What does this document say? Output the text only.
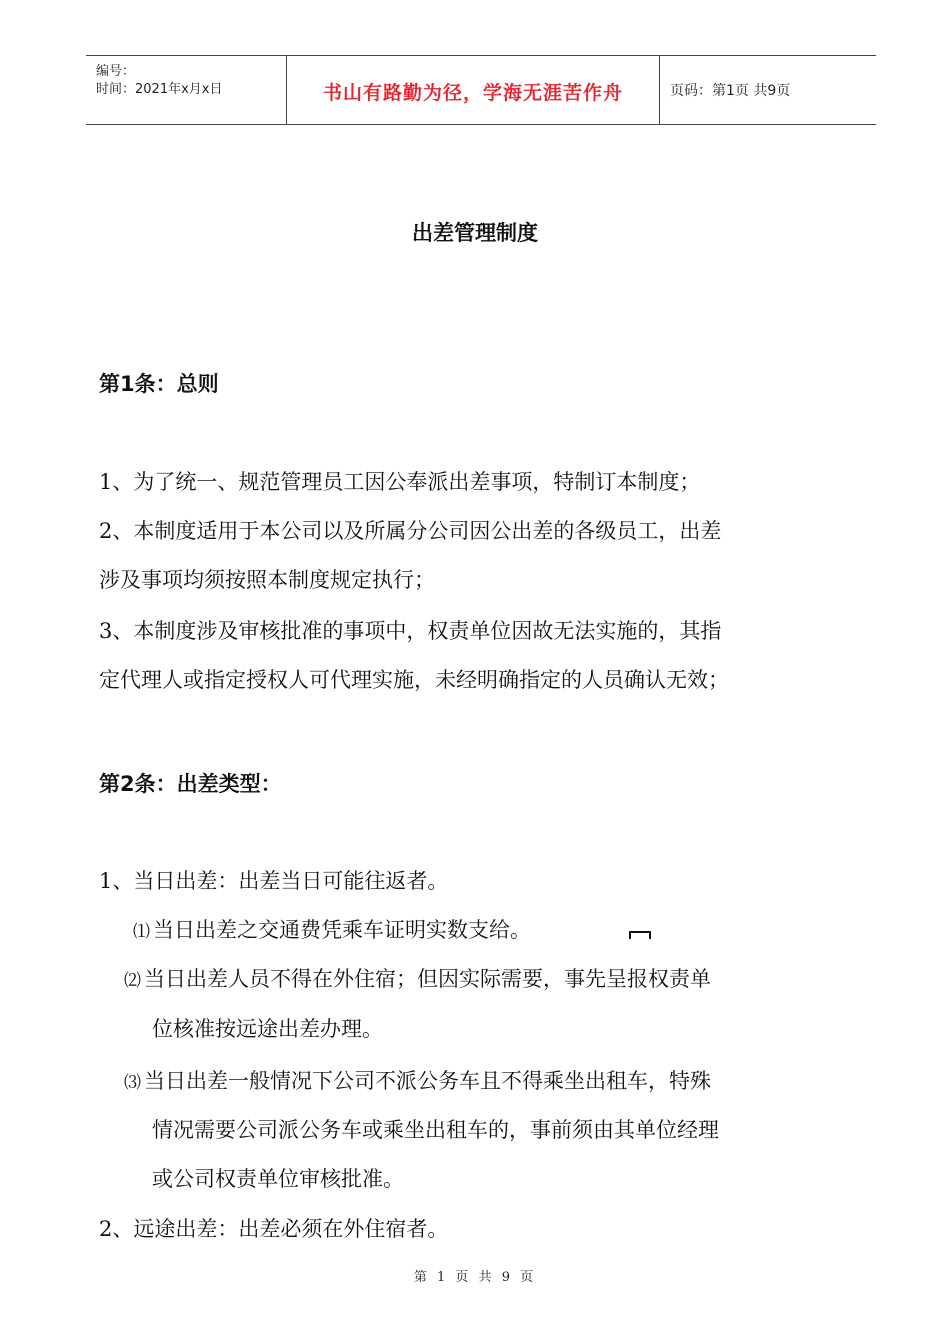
编号：
时间：2021年x月x日	书山有路勤为径，学海无涯苦作舟	页码：第1页 共9页
出差管理制度
第1条：总则
1、为了统一、规范管理员工因公奉派出差事项，特制订本制度；
2、本制度适用于本公司以及所属分公司因公出差的各级员工，出差
涉及事项均须按照本制度规定执行；
3、本制度涉及审核批准的事项中，权责单位因故无法实施的，其指
定代理人或指定授权人可代理实施，未经明确指定的人员确认无效；
第2条：出差类型：
1、当日出差：出差当日可能往返者。
⑴ 当日出差之交通费凭乘车证明实数支给。
⑵ 当日出差人员不得在外住宿；但因实际需要，事先呈报权责单
位核准按远途出差办理。
⑶ 当日出差一般情况下公司不派公务车且不得乘坐出租车，特殊
情况需要公司派公务车或乘坐出租车的，事前须由其单位经理
或公司权责单位审核批准。
2、远途出差：出差必须在外住宿者。
第 1 页 共 9 页
